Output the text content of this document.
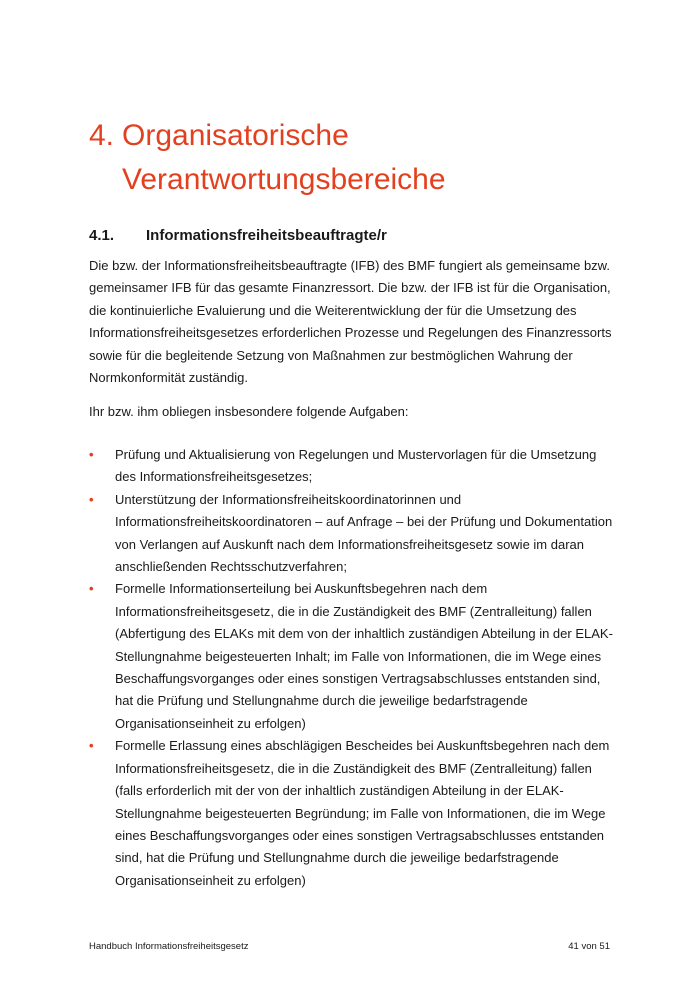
4. Organisatorische
Verantwortungsbereiche
4.1. Informationsfreiheitsbeauftragte/r

Die bzw. der Informationsfreiheitsbeauftragte (IFB) des BMF fungiert als gemeinsame bzw. gemeinsamer IFB für das gesamte Finanzressort. Die bzw. der IFB ist für die Organisation, die kontinuierliche Evaluierung und die Weiterentwicklung der für die Umsetzung des Informationsfreiheitsgesetzes erforderlichen Prozesse und Regelungen des Finanzressorts sowie für die begleitende Setzung von Maßnahmen zur bestmöglichen Wahrung der Normkonformität zuständig.

Ihr bzw. ihm obliegen insbesondere folgende Aufgaben:

• Prüfung und Aktualisierung von Regelungen und Mustervorlagen für die Umsetzung des Informationsfreiheitsgesetzes;
• Unterstützung der Informationsfreiheitskoordinatorinnen und Informationsfreiheitskoordinatoren – auf Anfrage – bei der Prüfung und Dokumentation von Verlangen auf Auskunft nach dem Informationsfreiheitsgesetz sowie im daran anschließenden Rechtsschutzverfahren;
• Formelle Informationserteilung bei Auskunftsbegehren nach dem Informationsfreiheitsgesetz, die in die Zuständigkeit des BMF (Zentralleitung) fallen (Abfertigung des ELAKs mit dem von der inhaltlich zuständigen Abteilung in der ELAK-Stellungnahme beigesteuerten Inhalt; im Falle von Informationen, die im Wege eines Beschaffungsvorganges oder eines sonstigen Vertragsabschlusses entstanden sind, hat die Prüfung und Stellungnahme durch die jeweilige bedarfstragende Organisationseinheit zu erfolgen)
• Formelle Erlassung eines abschlägigen Bescheides bei Auskunftsbegehren nach dem Informationsfreiheitsgesetz, die in die Zuständigkeit des BMF (Zentralleitung) fallen (falls erforderlich mit der von der inhaltlich zuständigen Abteilung in der ELAK-Stellungnahme beigesteuerten Begründung; im Falle von Informationen, die im Wege eines Beschaffungsvorganges oder eines sonstigen Vertragsabschlusses entstanden sind, hat die Prüfung und Stellungnahme durch die jeweilige bedarfstragende Organisationseinheit zu erfolgen)
Handbuch Informationsfreiheitsgesetz	41 von 51
